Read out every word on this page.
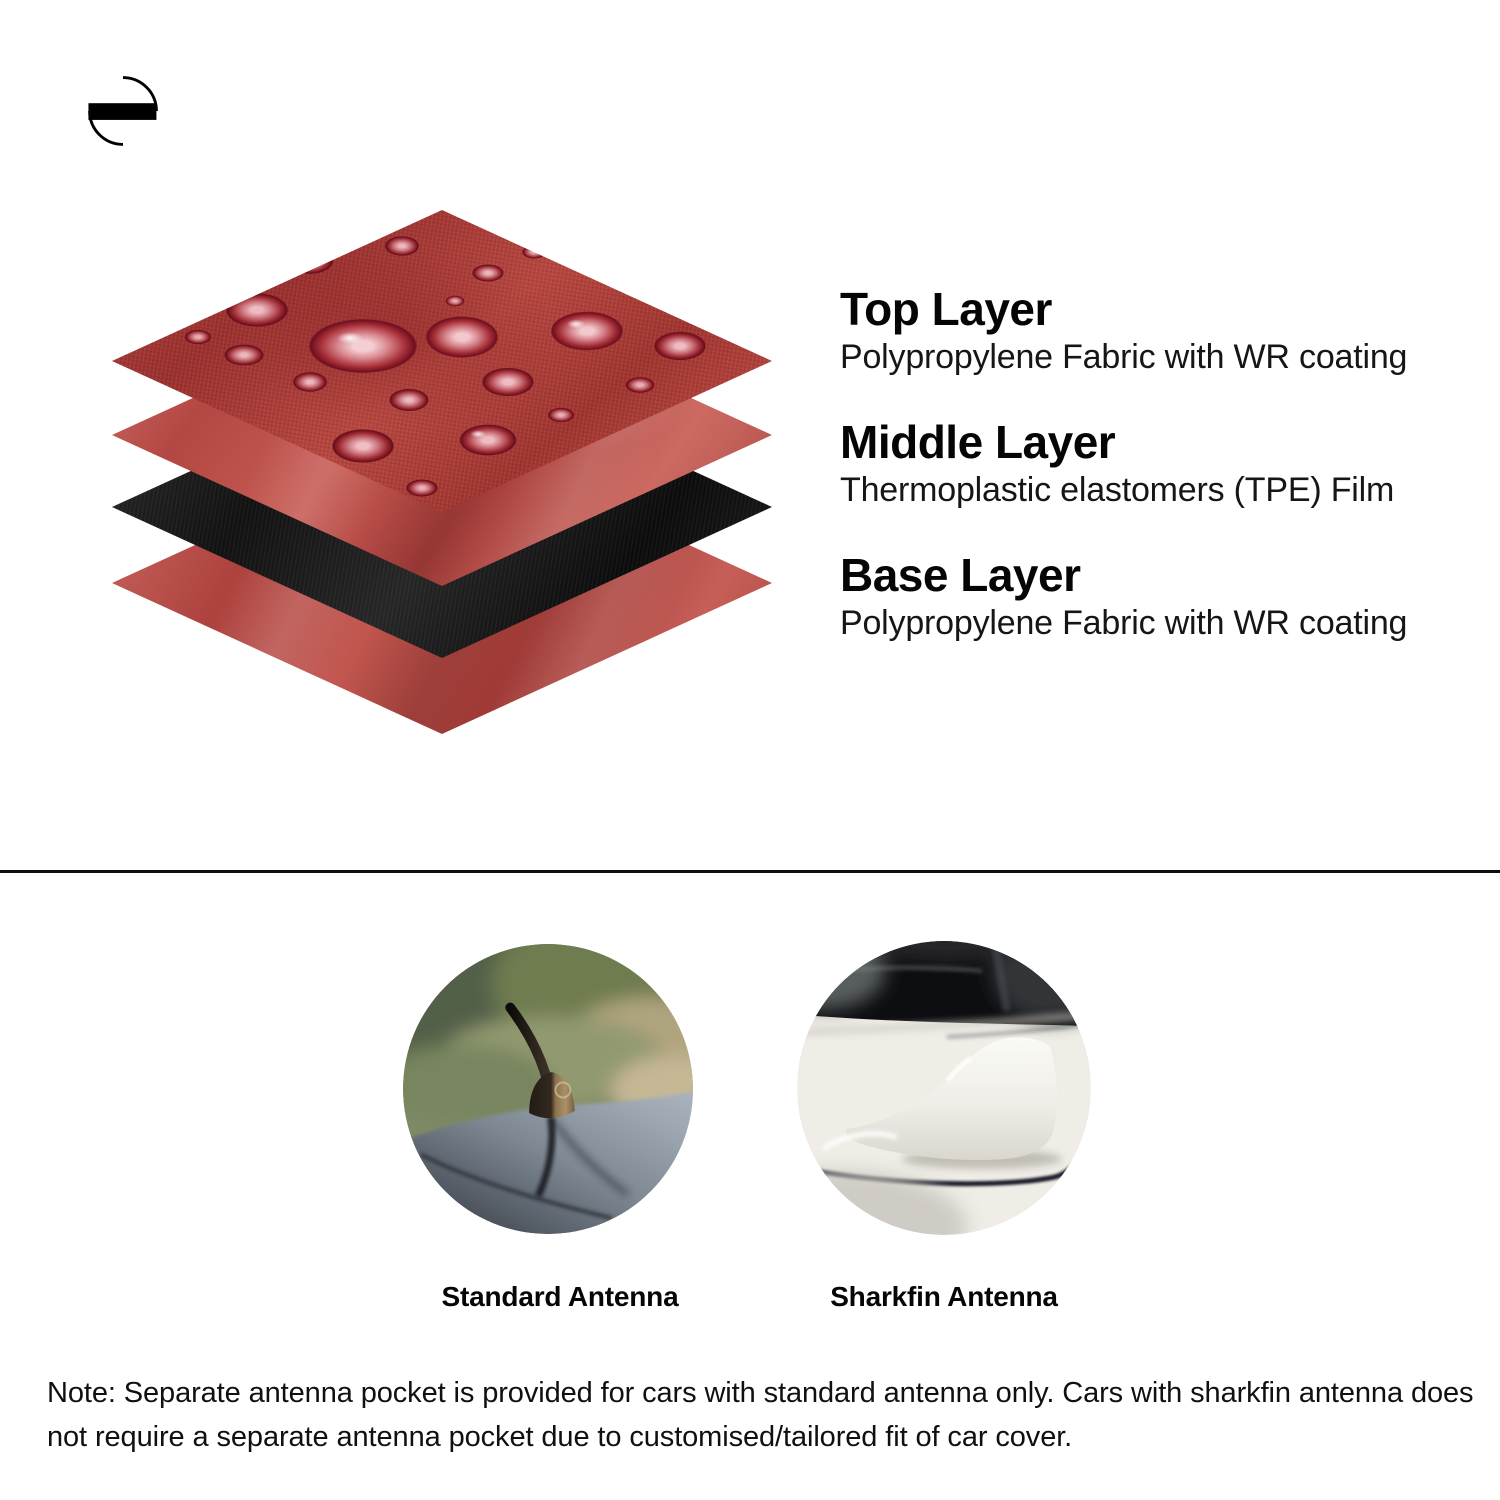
Top Layer

Polypropylene Fabric with WR coating

Middle Layer

Thermoplastic elastomers (TPE) Film

Base Layer

Polypropylene Fabric with WR coating

Standard Antenna	Sharkfin Antenna

Note: Separate antenna pocket is provided for cars with standard antenna only. Cars with sharkfin antenna does not require a separate antenna pocket due to customised/tailored fit of car cover.
